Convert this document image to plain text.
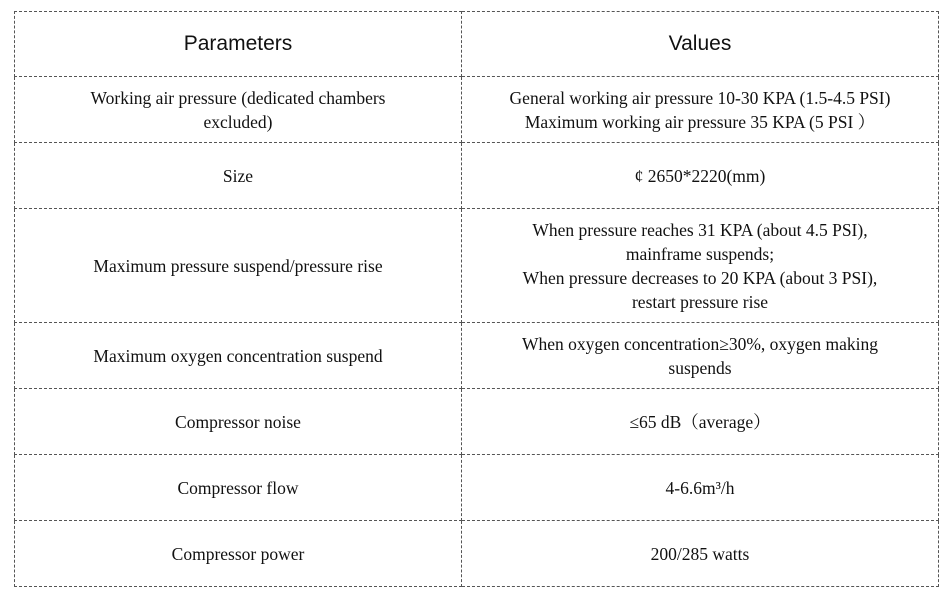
Parameters	Values

Working air pressure (dedicated chambers
excluded)	General working air pressure 10-30 KPA (1.5-4.5 PSI)
Maximum working air pressure 35 KPA (5 PSI ）

Size	¢ 2650*2220(mm)

Maximum pressure suspend/pressure rise	When pressure reaches 31 KPA (about 4.5 PSI),
mainframe suspends;
When pressure decreases to 20 KPA (about 3 PSI),
restart pressure rise

Maximum oxygen concentration suspend	When oxygen concentration≥30%, oxygen making
suspends

Compressor noise	≤65 dB（average）

Compressor flow	4-6.6m³/h

Compressor power	200/285 watts
